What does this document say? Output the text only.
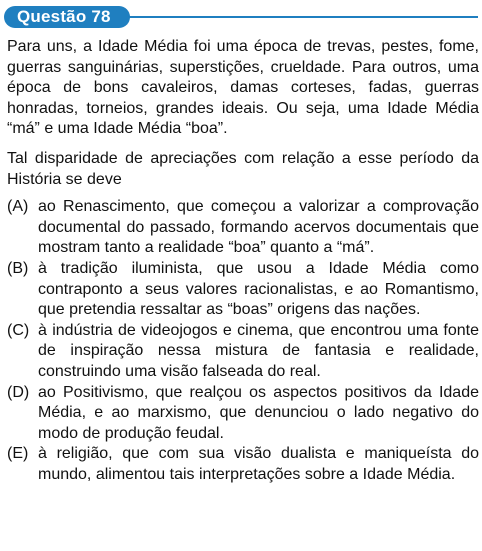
Questão 78

Para uns, a Idade Média foi uma época de trevas, pestes, fome, guerras sanguinárias, superstições, crueldade. Para outros, uma época de bons cavaleiros, damas corteses, fadas, guerras honradas, torneios, grandes ideais. Ou seja, uma Idade Média “má” e uma Idade Média “boa”.

Tal disparidade de apreciações com relação a esse período da História se deve

(A) ao Renascimento, que começou a valorizar a comprovação documental do passado, formando acervos documentais que mostram tanto a realidade “boa” quanto a “má”.
(B) à tradição iluminista, que usou a Idade Média como contraponto a seus valores racionalistas, e ao Romantismo, que pretendia ressaltar as “boas” origens das nações.
(C) à indústria de videojogos e cinema, que encontrou uma fonte de inspiração nessa mistura de fantasia e realidade, construindo uma visão falseada do real.
(D) ao Positivismo, que realçou os aspectos positivos da Idade Média, e ao marxismo, que denunciou o lado negativo do modo de produção feudal.
(E) à religião, que com sua visão dualista e maniqueísta do mundo, alimentou tais interpretações sobre a Idade Média.
